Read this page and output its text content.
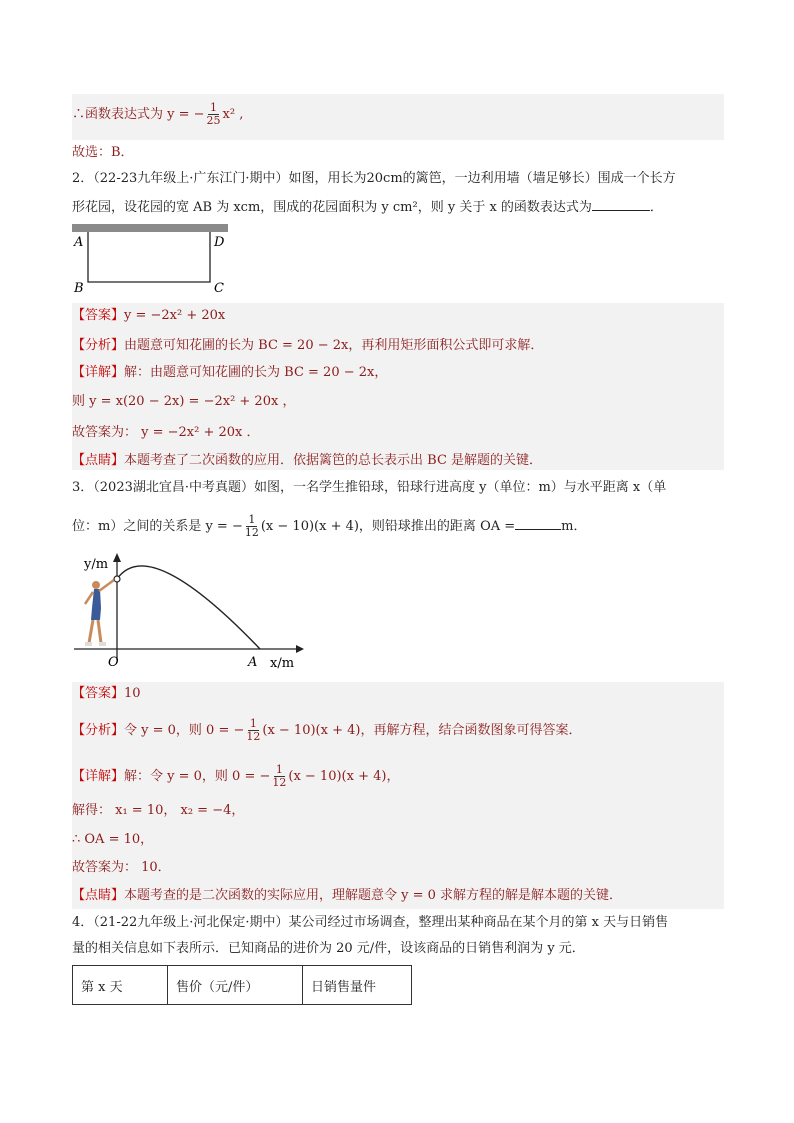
∴函数表达式为 y = − $\frac{1}{25} x^2$ ,
故选：B．
2．（22-23九年级上·广东江门·期中）如图，用长为20cm的篱笆，一边利用墙（墙足够长）围成一个长方
形花园，设花园的宽 AB 为 xcm，围成的花园面积为 y cm²，则 y 关于 x 的函数表达式为	．
A	D
B	C
【答案】y = −2x² + 20x
【分析】由题意可知花圃的长为 BC = 20 − 2x，再利用矩形面积公式即可求解．
【详解】解：由题意可知花圃的长为 BC = 20 − 2x，
则 y = x(20 − 2x) = −2x² + 20x ，
故答案为： y = −2x² + 20x ．
【点睛】本题考查了二次函数的应用．依据篱笆的总长表示出 BC 是解题的关键．
3．（2023湖北宜昌·中考真题）如图，一名学生推铅球，铅球行进高度 y（单位：m）与水平距离 x（单
位：m）之间的关系是 y = − $\frac{1}{12} (x - 10)(x + 4)$，则铅球推出的距离 OA =	m．
y/m
O	A x/m
【答案】10
【分析】令 y = 0，则 0 = − $\frac{1}{12} (x - 10)(x + 4)$，再解方程，结合函数图象可得答案．
【详解】解：令 y = 0，则 0 = − $\frac{1}{12} (x - 10)(x + 4)$，
解得： x₁ = 10， x₂ = −4，
∴ OA = 10，
故答案为： 10．
【点睛】本题考查的是二次函数的实际应用，理解题意令 y = 0 求解方程的解是解本题的关键．
4．（21-22九年级上·河北保定·期中）某公司经过市场调查，整理出某种商品在某个月的第 x 天与日销售
量的相关信息如下表所示．已知商品的进价为 20 元/件，设该商品的日销售利润为 y 元．
第 x 天	售价（元/件）	日销售量件
